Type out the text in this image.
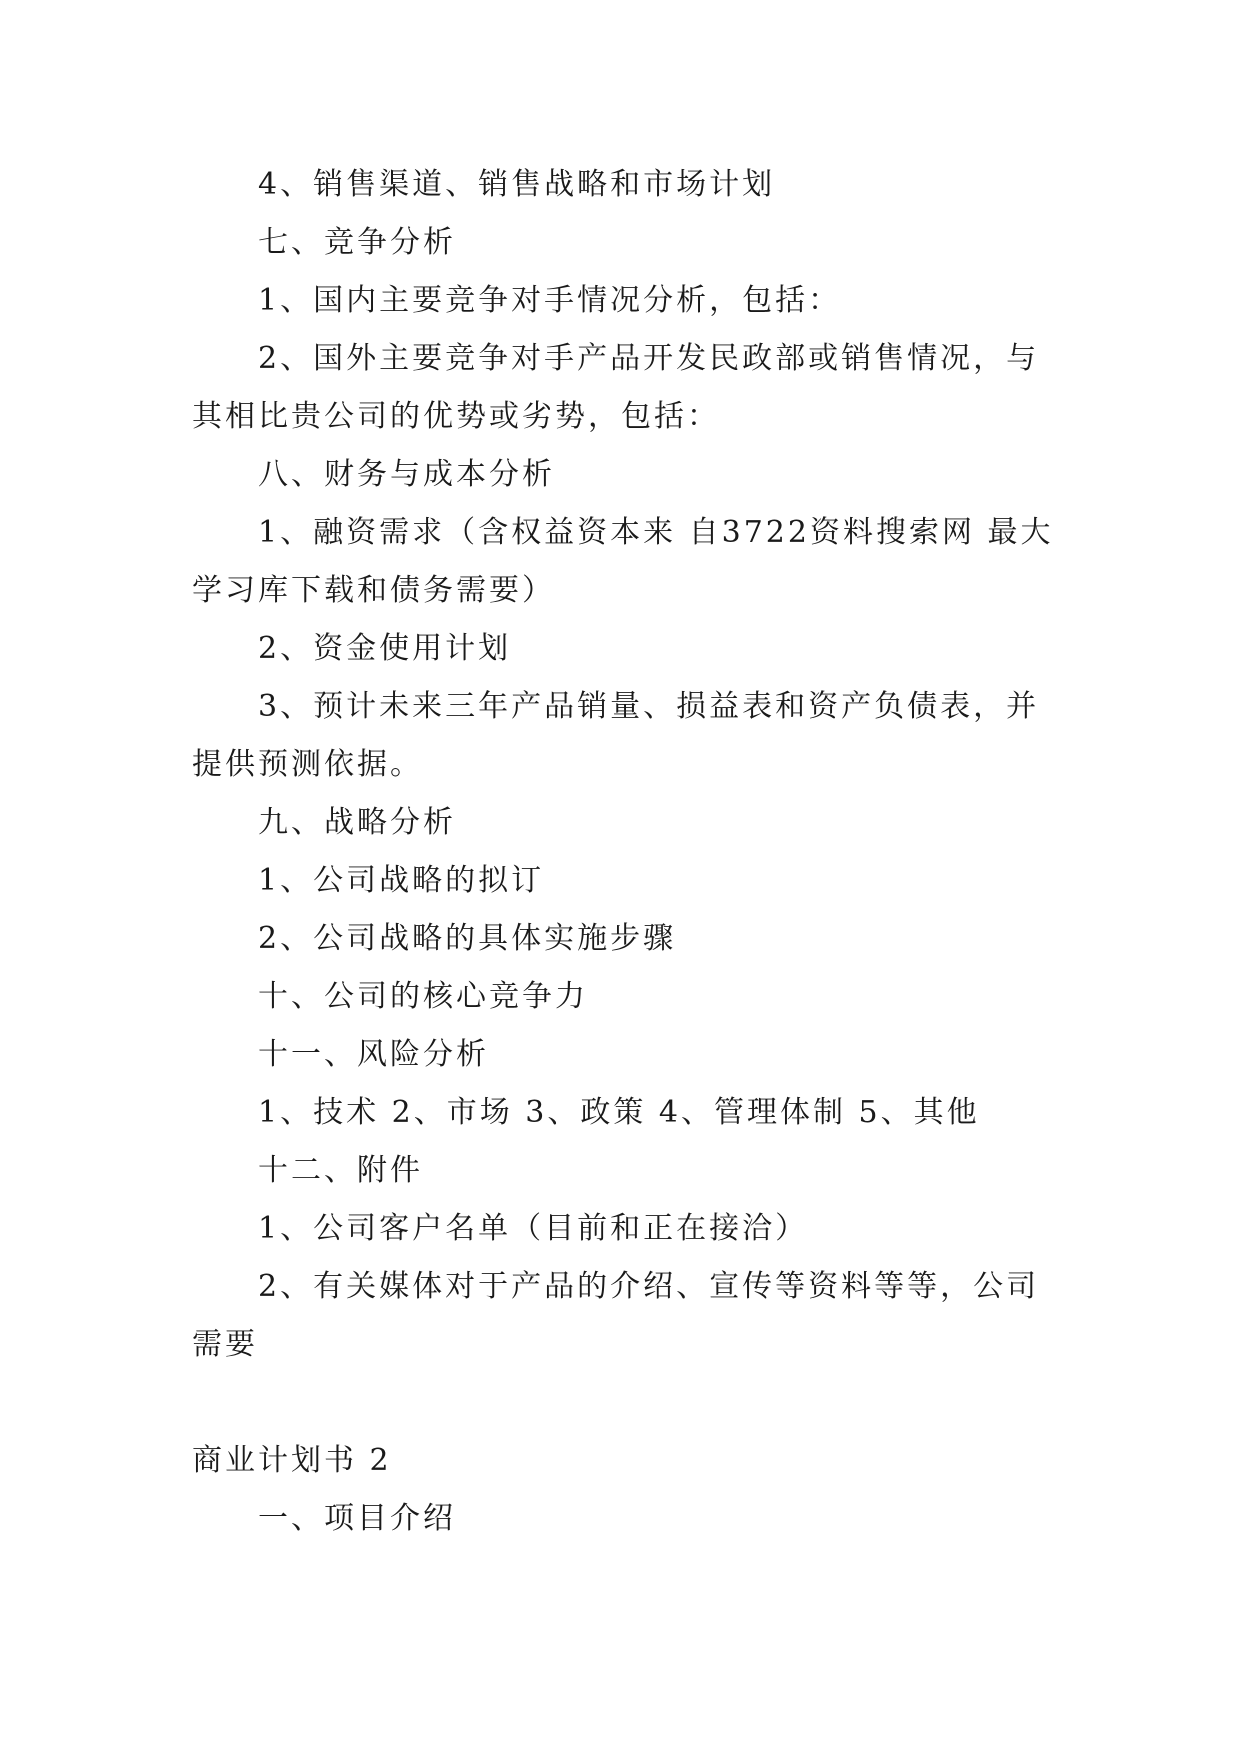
4、销售渠道、销售战略和市场计划
七、竞争分析
1、国内主要竞争对手情况分析，包括：
2、国外主要竞争对手产品开发民政部或销售情况，与
其相比贵公司的优势或劣势，包括：
八、财务与成本分析
1、融资需求（含权益资本来 自3722资料搜索网 最大
学习库下载和债务需要）
2、资金使用计划
3、预计未来三年产品销量、损益表和资产负债表，并
提供预测依据。
九、战略分析
1、公司战略的拟订
2、公司战略的具体实施步骤
十、公司的核心竞争力
十一、风险分析
1、技术 2、市场 3、政策 4、管理体制 5、其他
十二、附件
1、公司客户名单（目前和正在接洽）
2、有关媒体对于产品的介绍、宣传等资料等等，公司
需要
商业计划书 2
一、项目介绍
